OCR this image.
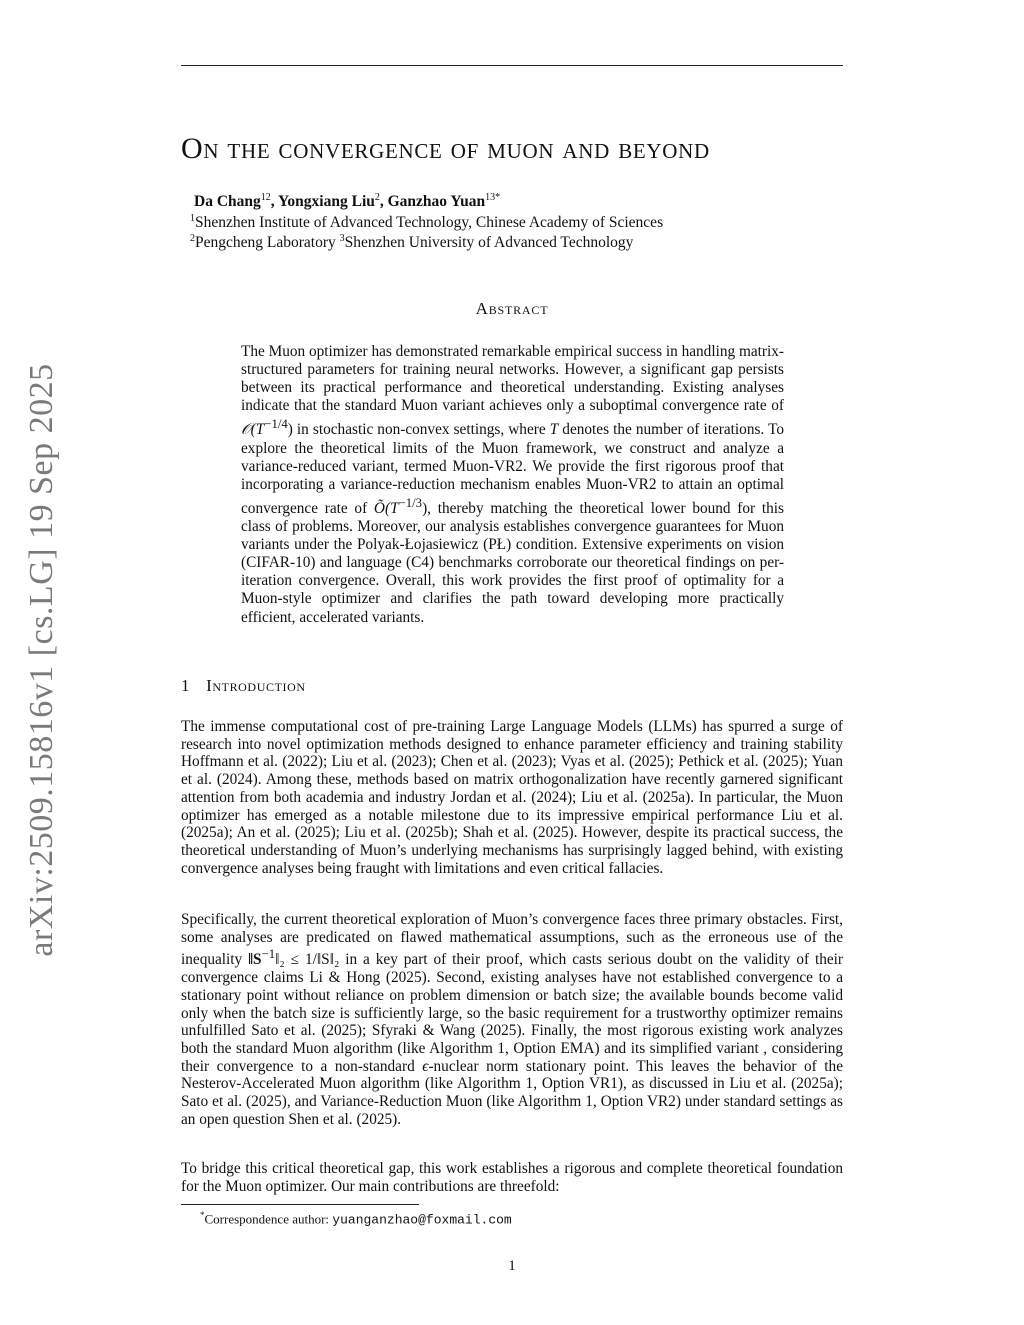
arXiv:2509.15816v1 [cs.LG] 19 Sep 2025
On the convergence of muon and beyond
Da Chang$^{12}$, Yongxiang Liu$^2$, Ganzhao Yuan$^{13*}$
$^1$Shenzhen Institute of Advanced Technology, Chinese Academy of Sciences
$^2$Pengcheng Laboratory $^3$Shenzhen University of Advanced Technology
Abstract
The Muon optimizer has demonstrated remarkable empirical success in handling matrix-structured parameters for training neural networks. However, a significant gap persists between its practical performance and theoretical understanding. Existing analyses indicate that the standard Muon variant achieves only a suboptimal convergence rate of $𝒪(T^{-1/4})$ in stochastic non-convex settings, where T denotes the number of iterations. To explore the theoretical limits of the Muon framework, we construct and analyze a variance-reduced variant, termed Muon-VR2. We provide the first rigorous proof that incorporating a variance-reduction mechanism enables Muon-VR2 to attain an optimal convergence rate of $Õ(T^{-1/3})$, thereby matching the theoretical lower bound for this class of problems. Moreover, our analysis establishes convergence guarantees for Muon variants under the Polyak-Łojasiewicz (PŁ) condition. Extensive experiments on vision (CIFAR-10) and language (C4) benchmarks corroborate our theoretical findings on per-iteration convergence. Overall, this work provides the first proof of optimality for a Muon-style optimizer and clarifies the path toward developing more practically efficient, accelerated variants.
1 Introduction
The immense computational cost of pre-training Large Language Models (LLMs) has spurred a surge of research into novel optimization methods designed to enhance parameter efficiency and training stability Hoffmann et al. (2022); Liu et al. (2023); Chen et al. (2023); Vyas et al. (2025); Pethick et al. (2025); Yuan et al. (2024). Among these, methods based on matrix orthogonalization have recently garnered significant attention from both academia and industry Jordan et al. (2024); Liu et al. (2025a). In particular, the Muon optimizer has emerged as a notable milestone due to its impressive empirical performance Liu et al. (2025a); An et al. (2025); Liu et al. (2025b); Shah et al. (2025). However, despite its practical success, the theoretical understanding of Muon’s underlying mechanisms has surprisingly lagged behind, with existing convergence analyses being fraught with limitations and even critical fallacies.
Specifically, the current theoretical exploration of Muon’s convergence faces three primary obstacles. First, some analyses are predicated on flawed mathematical assumptions, such as the erroneous use of the inequality $‖S^{-1}‖_2$ ≤ 1/‖S‖₂ in a key part of their proof, which casts serious doubt on the validity of their convergence claims Li & Hong (2025). Second, existing analyses have not established convergence to a stationary point without reliance on problem dimension or batch size; the available bounds become valid only when the batch size is sufficiently large, so the basic requirement for a trustworthy optimizer remains unfulfilled Sato et al. (2025); Sfyraki & Wang (2025). Finally, the most rigorous existing work analyzes both the standard Muon algorithm (like Algorithm 1, Option EMA) and its simplified variant , considering their convergence to a non-standard ϵ-nuclear norm stationary point. This leaves the behavior of the Nesterov-Accelerated Muon algorithm (like Algorithm 1, Option VR1), as discussed in Liu et al. (2025a); Sato et al. (2025), and Variance-Reduction Muon (like Algorithm 1, Option VR2) under standard settings as an open question Shen et al. (2025).
To bridge this critical theoretical gap, this work establishes a rigorous and complete theoretical foundation for the Muon optimizer. Our main contributions are threefold:
*Correspondence author: yuanganzhao@foxmail.com
1
